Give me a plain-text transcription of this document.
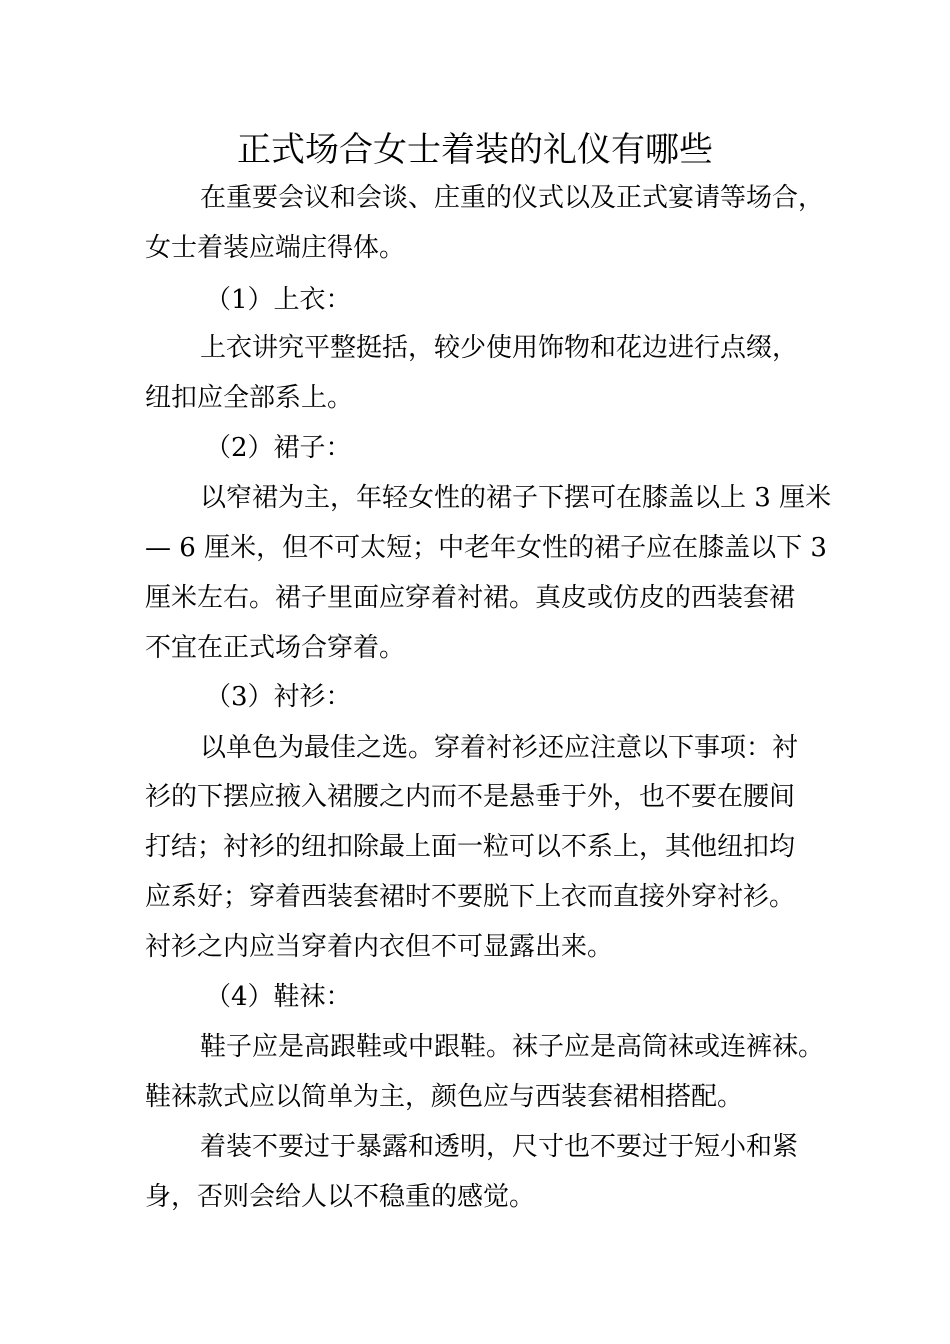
正式场合女士着装的礼仪有哪些
在重要会议和会谈、庄重的仪式以及正式宴请等场合，
女士着装应端庄得体。
（1）上衣：
上衣讲究平整挺括，较少使用饰物和花边进行点缀，
纽扣应全部系上。
（2）裙子：
以窄裙为主，年轻女性的裙子下摆可在膝盖以上 3 厘米
— 6 厘米，但不可太短；中老年女性的裙子应在膝盖以下 3
厘米左右。裙子里面应穿着衬裙。真皮或仿皮的西装套裙
不宜在正式场合穿着。
（3）衬衫：
以单色为最佳之选。穿着衬衫还应注意以下事项：衬
衫的下摆应掖入裙腰之内而不是悬垂于外，也不要在腰间
打结；衬衫的纽扣除最上面一粒可以不系上，其他纽扣均
应系好；穿着西装套裙时不要脱下上衣而直接外穿衬衫。
衬衫之内应当穿着内衣但不可显露出来。
（4）鞋袜：
鞋子应是高跟鞋或中跟鞋。袜子应是高筒袜或连裤袜。
鞋袜款式应以简单为主，颜色应与西装套裙相搭配。
着装不要过于暴露和透明，尺寸也不要过于短小和紧
身，否则会给人以不稳重的感觉。
